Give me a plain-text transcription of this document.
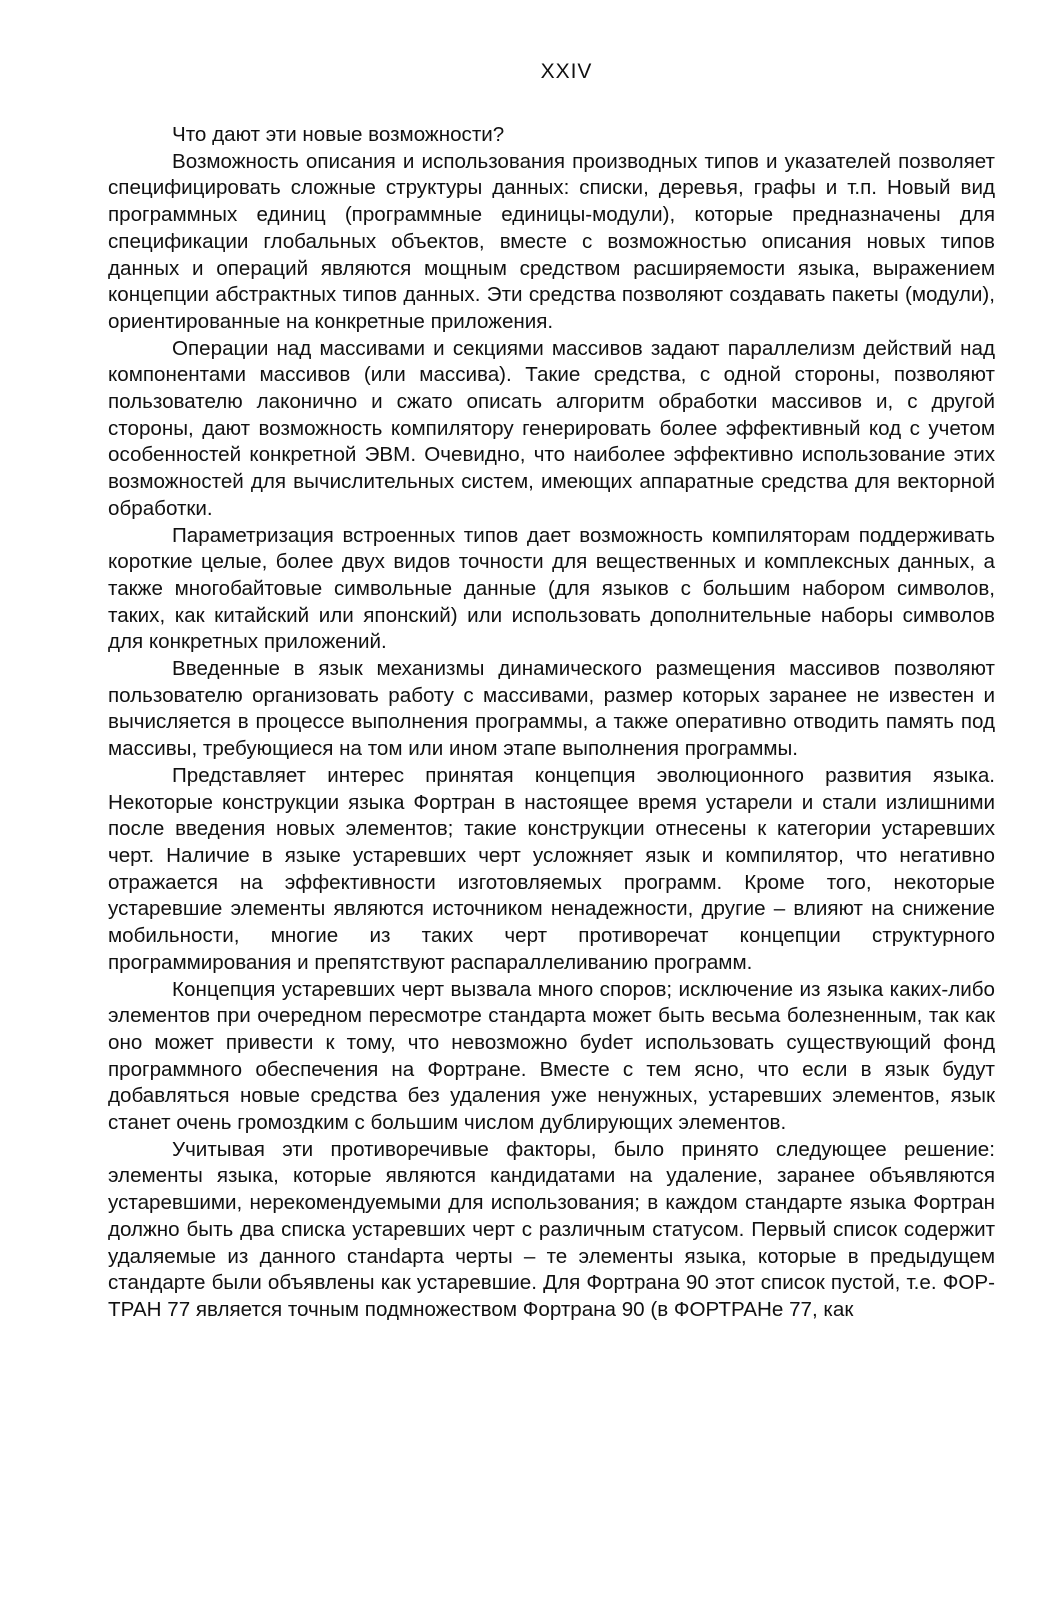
XXIV

Что дают эти новые возможности?

Возможность описания и использования производных типов и указателей позволяет специфицировать сложные структуры данных: списки, деревья, графы и т.п. Новый вид программных единиц (программные единицы-модули), которые предназначены для спецификации глобальных объектов, вместе с возможностью описания новых типов данных и операций являются мощным средством расширяемости языка, выражением концепции абстрактных типов данных. Эти средства позволяют создавать пакеты (модули), ориентированные на конкретные приложения.

Операции над массивами и секциями массивов задают параллелизм действий над компонентами массивов (или массива). Такие средства, с одной стороны, позволяют пользователю лаконично и сжато описать алгоритм обработки массивов и, с другой стороны, дают возможность компилятору генерировать более эффективный код с учетом особенностей конкретной ЭВМ. Очевидно, что наиболее эффективно использование этих возможностей для вычислительных систем, имеющих аппаратные средства для векторной обработки.

Параметризация встроенных типов дает возможность компиляторам поддерживать короткие целые, более двух видов точности для вещественных и комплексных данных, а также многобайтовые символьные данные (для языков с большим набором символов, таких, как китайский или японский) или использовать дополнительные наборы символов для конкретных приложений.

Введенные в язык механизмы динамического размещения массивов позволяют пользователю организовать работу с массивами, размер которых заранее не известен и вычисляется в процессе выполнения программы, а также оперативно отводить память под массивы, требующиеся на том или ином этапе выполнения программы.

Представляет интерес принятая концепция эволюционного развития языка. Некоторые конструкции языка Фортран в настоящее время устарели и стали излишними после введения новых элементов; такие конструкции отнесены к категории устаревших черт. Наличие в языке устаревших черт усложняет язык и компилятор, что негативно отражается на эффективности изготовляемых программ. Кроме того, некоторые устаревшие элементы являются источником ненадежности, другие – влияют на снижение мобильности, многие из таких черт противоречат концепции структурного программирования и препятствуют распараллеливанию программ.

Концепция устаревших черт вызвала много споров; исключение из языка каких-либо элементов при очередном пересмотре стандарта может быть весьма болезненным, так как оно может привести к тому, что невозможно буdет использовать существующий фонд программного обеспечения на Фортране. Вместе с тем ясно, что если в язык будут добавляться новые средства без удаления уже ненужных, устаревших элементов, язык станет очень громоздким с большим числом дублирующих элементов.

Учитывая эти противоречивые факторы, было принято следующее решение: элементы языка, которые являются кандидатами на удаление, заранее объявляются устаревшими, нерекомендуемыми для использования; в каждом стандарте языка Фортран должно быть два списка устаревших черт с различным статусом. Первый список содержит удаляемые из данного станdарта черты – те элементы языка, которые в предыдущем стандарте были объявлены как устаревшие. Для Фортрана 90 этот список пустой, т.е. ФОРТРАН 77 является точным подмножеством Фортрана 90 (в ФОРТРАНе 77, как
